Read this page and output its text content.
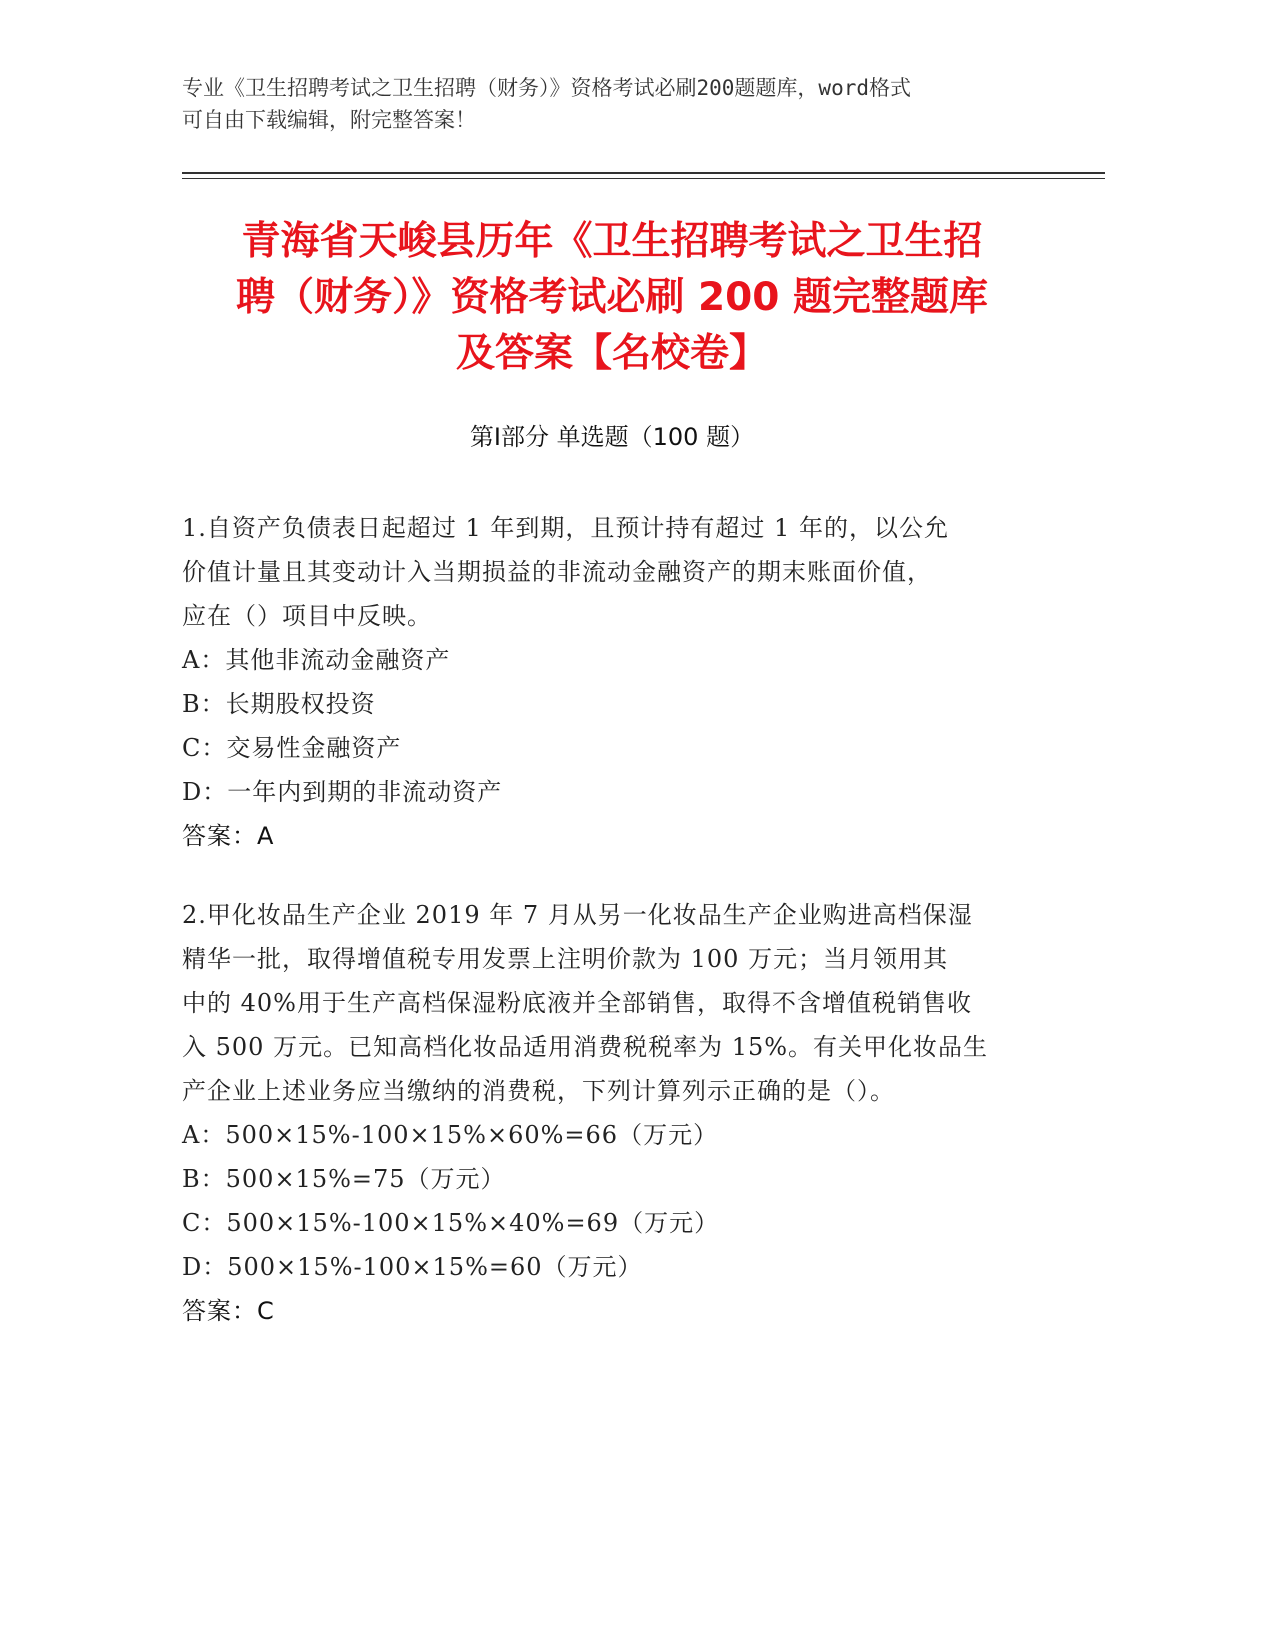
专业《卫生招聘考试之卫生招聘（财务）》资格考试必刷200题题库，word格式
可自由下载编辑，附完整答案！
青海省天峻县历年《卫生招聘考试之卫生招
聘（财务）》资格考试必刷 200 题完整题库
及答案【名校卷】
第Ⅰ部分 单选题（100 题）

1.自资产负债表日起超过 1 年到期，且预计持有超过 1 年的，以公允

价值计量且其变动计入当期损益的非流动金融资产的期末账面价值，

应在（）项目中反映。

A：其他非流动金融资产

B：长期股权投资

C：交易性金融资产

D：一年内到期的非流动资产

答案：A

2.甲化妆品生产企业 2019 年 7 月从另一化妆品生产企业购进高档保湿

精华一批，取得增值税专用发票上注明价款为 100 万元；当月领用其

中的 40%用于生产高档保湿粉底液并全部销售，取得不含增值税销售收

入 500 万元。已知高档化妆品适用消费税税率为 15%。有关甲化妆品生

产企业上述业务应当缴纳的消费税，下列计算列示正确的是（）。

A：500×15%-100×15%×60%=66（万元）

B：500×15%=75（万元）

C：500×15%-100×15%×40%=69（万元）

D：500×15%-100×15%=60（万元）

答案：C
